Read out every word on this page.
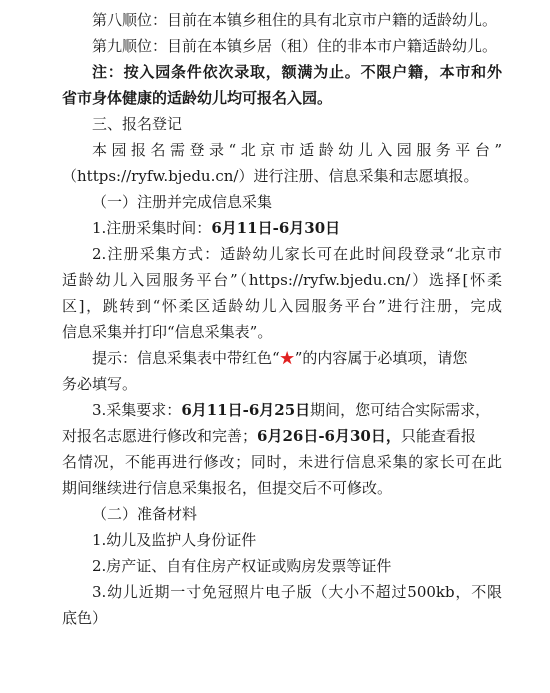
第八顺位：目前在本镇乡租住的具有北京市户籍的适龄幼儿。
第九顺位：目前在本镇乡居（租）住的非本市户籍适龄幼儿。
注：按入园条件依次录取，额满为止。不限户籍，本市和外
省市身体健康的适龄幼儿均可报名入园。
三、报名登记
本园报名需登录“北京市适龄幼儿入园服务平台”
（https://ryfw.bjedu.cn/）进行注册、信息采集和志愿填报。
（一）注册并完成信息采集
1.注册采集时间：6月11日-6月30日
2.注册采集方式：适龄幼儿家长可在此时间段登录“北京市
适龄幼儿入园服务平台”（https://ryfw.bjedu.cn/）选择[怀柔
区]，跳转到“怀柔区适龄幼儿入园服务平台”进行注册，完成
信息采集并打印“信息采集表”。
提示：信息采集表中带红色“★”的内容属于必填项，请您
务必填写。
3.采集要求：6月11日-6月25日期间，您可结合实际需求，
对报名志愿进行修改和完善；6月26日-6月30日，只能查看报
名情况，不能再进行修改；同时，未进行信息采集的家长可在此
期间继续进行信息采集报名，但提交后不可修改。
（二）准备材料
1.幼儿及监护人身份证件
2.房产证、自有住房产权证或购房发票等证件
3.幼儿近期一寸免冠照片电子版（大小不超过500kb，不限
底色）
